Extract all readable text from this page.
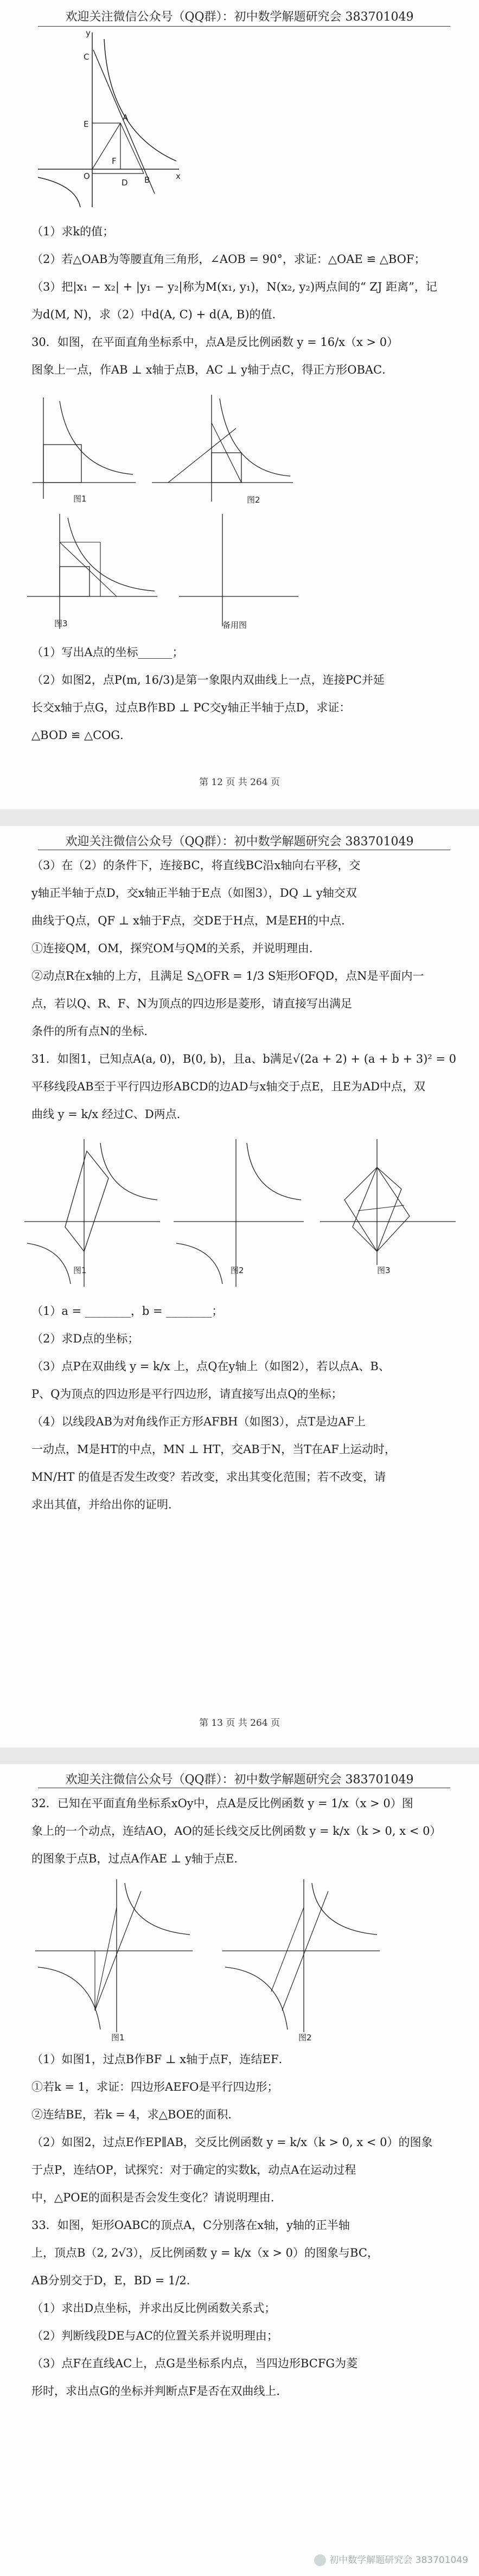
欢迎关注微信公众号（QQ群）：初中数学解题研究会 383701049
y
C
E
A
F
O
D B	x
（1）求k的值；
（2）若△OAB为等腰直角三角形，∠AOB = 90°，求证：△OAE ≌ △BOF；
（3）把|x₁ − x₂| + |y₁ − y₂|称为M(x₁, y₁)，N(x₂, y₂)两点间的“ ZJ 距离”，记
为d(M, N)，求（2）中d(A, C) + d(A, B)的值.
30．如图，在平面直角坐标系中，点A是反比例函数 y = 16/x（x > 0）
图象上一点，作AB ⊥ x轴于点B，AC ⊥ y轴于点C，得正方形OBAC．
图1	图2
图3	备用图
（1）写出A点的坐标______；
（2）如图2，点P(m, 16/3)是第一象限内双曲线上一点，连接PC并延
长交x轴于点G，过点B作BD ⊥ PC交y轴正半轴于点D，求证：
△BOD ≌ △COG．
第 12 页 共 264 页
欢迎关注微信公众号（QQ群）：初中数学解题研究会 383701049
（3）在（2）的条件下，连接BC，将直线BC沿x轴向右平移，交
y轴正半轴于点D，交x轴正半轴于E点（如图3），DQ ⊥ y轴交双
曲线于Q点，QF ⊥ x轴于F点，交DE于H点，M是EH的中点．
①连接QM，OM，探究OM与QM的关系，并说明理由．
②动点R在x轴的上方，且满足 S△OFR = 1/3 S矩形OFQD，点N是平面内一
点，若以Q、R、F、N为顶点的四边形是菱形，请直接写出满足
条件的所有点N的坐标．
31．如图1，已知点A(a, 0)，B(0, b)，且a、b满足√(2a + 2) + (a + b + 3)² = 0
平移线段AB至于平行四边形ABCD的边AD与x轴交于点E，且E为AD中点，双
曲线 y = k/x 经过C、D两点．
图1	图2	图3
（1）a = ________，b = ________；
（2）求D点的坐标；
（3）点P在双曲线 y = k/x 上，点Q在y轴上（如图2），若以点A、B、
P、Q为顶点的四边形是平行四边形，请直接写出点Q的坐标；
（4）以线段AB为对角线作正方形AFBH（如图3），点T是边AF上
一动点，M是HT的中点，MN ⊥ HT，交AB于N，当T在AF上运动时，
MN/HT 的值是否发生改变？若改变，求出其变化范围；若不改变，请
求出其值，并给出你的证明．
第 13 页 共 264 页
欢迎关注微信公众号（QQ群）：初中数学解题研究会 383701049
32．已知在平面直角坐标系xOy中，点A是反比例函数 y = 1/x（x > 0）图
象上的一个动点，连结AO，AO的延长线交反比例函数 y = k/x（k > 0, x < 0）
的图象于点B，过点A作AE ⊥ y轴于点E．
图1	图2
（1）如图1，过点B作BF ⊥ x轴于点F，连结EF．
①若k = 1，求证：四边形AEFO是平行四边形；
②连结BE，若k = 4，求△BOE的面积．
（2）如图2，过点E作EP∥AB，交反比例函数 y = k/x（k > 0, x < 0）的图象
于点P，连结OP，试探究：对于确定的实数k，动点A在运动过程
中，△POE的面积是否会发生变化？请说明理由．
33．如图，矩形OABC的顶点A，C分别落在x轴，y轴的正半轴
上，顶点B（2, 2√3），反比例函数 y = k/x（x > 0）的图象与BC，
AB分别交于D，E，BD = 1/2．
（1）求出D点坐标，并求出反比例函数关系式；
（2）判断线段DE与AC的位置关系并说明理由；
（3）点F在直线AC上，点G是坐标系内点，当四边形BCFG为菱
形时，求出点G的坐标并判断点F是否在双曲线上．
初中数学解题研究会 383701049
